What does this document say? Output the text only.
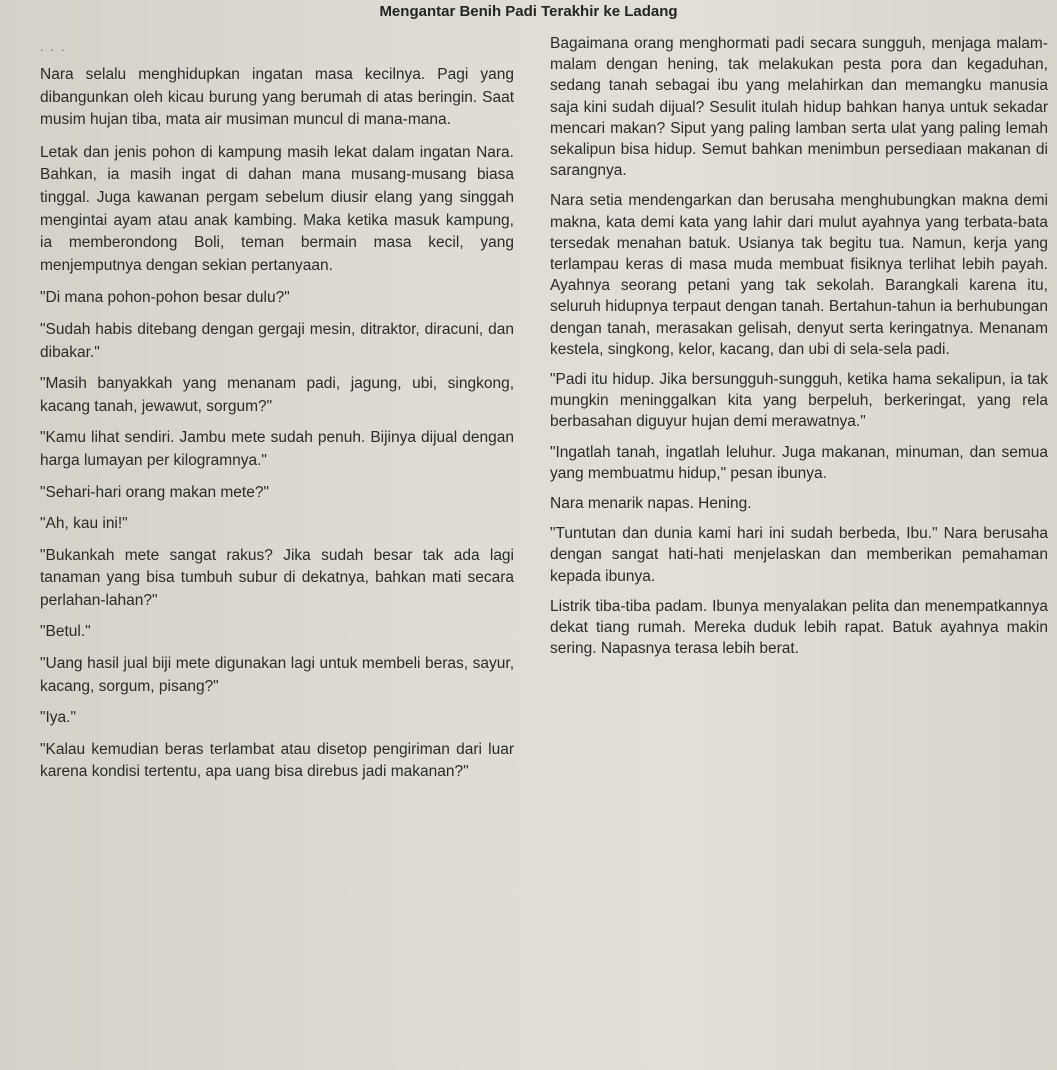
Mengantar Benih Padi Terakhir ke Ladang
. . .

Nara selalu menghidupkan ingatan masa kecilnya. Pagi yang dibangunkan oleh kicau burung yang berumah di atas beringin. Saat musim hujan tiba, mata air musiman muncul di mana-mana.

Letak dan jenis pohon di kampung masih lekat dalam ingatan Nara. Bahkan, ia masih ingat di dahan mana musang-musang biasa tinggal. Juga kawanan pergam sebelum diusir elang yang singgah mengintai ayam atau anak kambing. Maka ketika masuk kampung, ia memberondong Boli, teman bermain masa kecil, yang menjemputnya dengan sekian pertanyaan.

"Di mana pohon-pohon besar dulu?"

"Sudah habis ditebang dengan gergaji mesin, ditraktor, diracuni, dan dibakar."

"Masih banyakkah yang menanam padi, jagung, ubi, singkong, kacang tanah, jewawut, sorgum?"

"Kamu lihat sendiri. Jambu mete sudah penuh. Bijinya dijual dengan harga lumayan per kilogramnya."

"Sehari-hari orang makan mete?"

"Ah, kau ini!"

"Bukankah mete sangat rakus? Jika sudah besar tak ada lagi tanaman yang bisa tumbuh subur di dekatnya, bahkan mati secara perlahan-lahan?"

"Betul."

"Uang hasil jual biji mete digunakan lagi untuk membeli beras, sayur, kacang, sorgum, pisang?"

"Iya."

"Kalau kemudian beras terlambat atau disetop pengiriman dari luar karena kondisi tertentu, apa uang bisa direbus jadi makanan?"

Bagaimana orang menghormati padi secara sungguh, menjaga malam-malam dengan hening, tak melakukan pesta pora dan kegaduhan, sedang tanah sebagai ibu yang melahirkan dan memangku manusia saja kini sudah dijual? Sesulit itulah hidup bahkan hanya untuk sekadar mencari makan? Siput yang paling lamban serta ulat yang paling lemah sekalipun bisa hidup. Semut bahkan menimbun persediaan makanan di sarangnya.

Nara setia mendengarkan dan berusaha menghubungkan makna demi makna, kata demi kata yang lahir dari mulut ayahnya yang terbata-bata tersedak menahan batuk. Usianya tak begitu tua. Namun, kerja yang terlampau keras di masa muda membuat fisiknya terlihat lebih payah. Ayahnya seorang petani yang tak sekolah. Barangkali karena itu, seluruh hidupnya terpaut dengan tanah. Bertahun-tahun ia berhubungan dengan tanah, merasakan gelisah, denyut serta keringatnya. Menanam kestela, singkong, kelor, kacang, dan ubi di sela-sela padi.

"Padi itu hidup. Jika bersungguh-sungguh, ketika hama sekalipun, ia tak mungkin meninggalkan kita yang berpeluh, berkeringat, yang rela berbasahan diguyur hujan demi merawatnya."

"Ingatlah tanah, ingatlah leluhur. Juga makanan, minuman, dan semua yang membuatmu hidup," pesan ibunya.

Nara menarik napas. Hening.

"Tuntutan dan dunia kami hari ini sudah berbeda, Ibu." Nara berusaha dengan sangat hati-hati menjelaskan dan memberikan pemahaman kepada ibunya.

Listrik tiba-tiba padam. Ibunya menyalakan pelita dan menempatkannya dekat tiang rumah. Mereka duduk lebih rapat. Batuk ayahnya makin sering. Napasnya terasa lebih berat.
